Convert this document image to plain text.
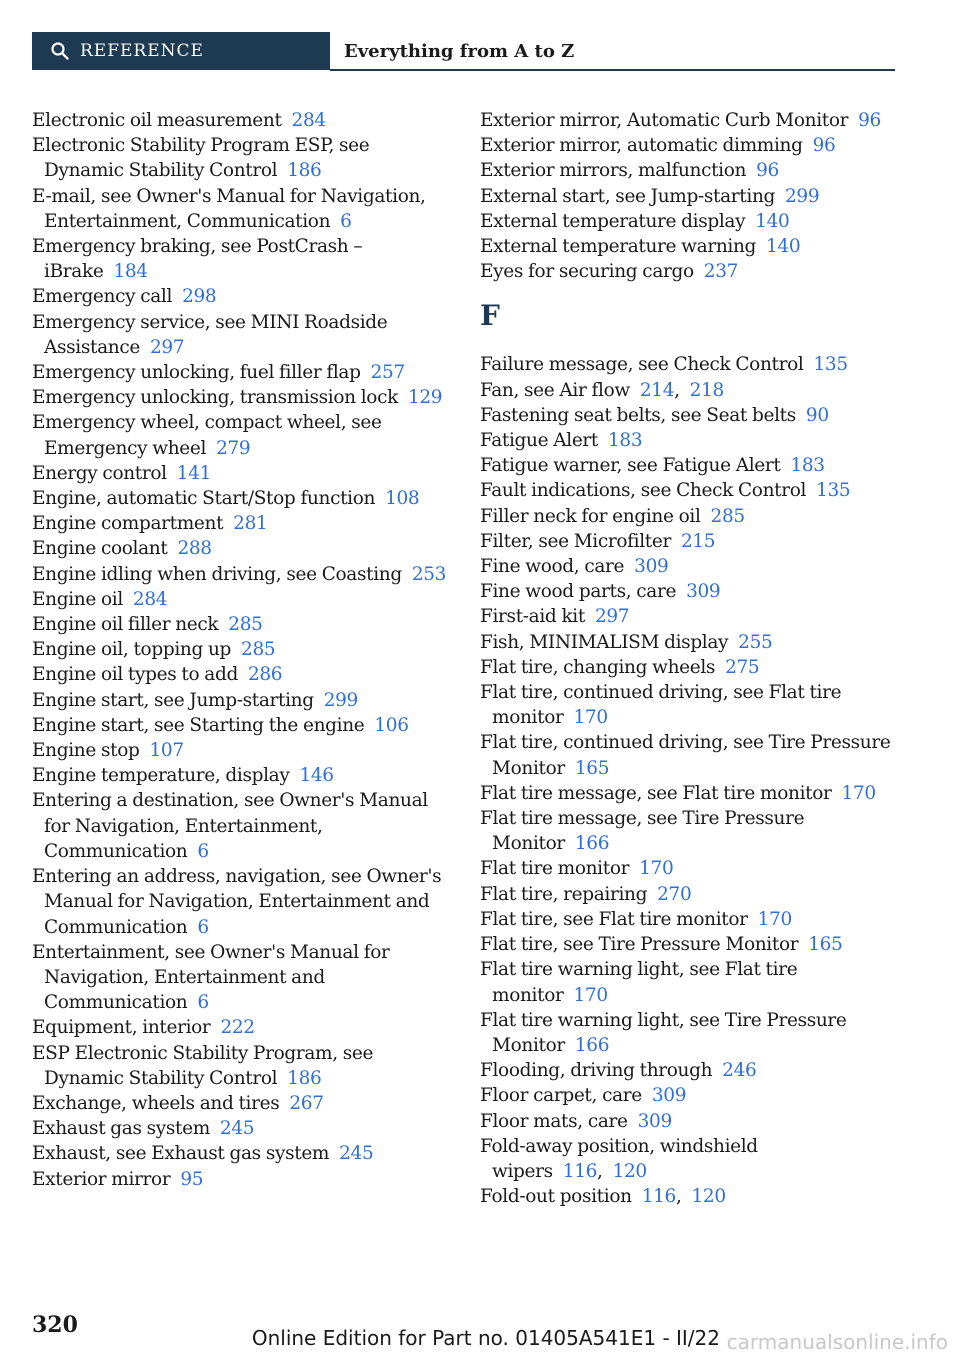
REFERENCE	Everything from A to Z
Electronic oil measurement 284
Electronic Stability Program ESP, see Dynamic Stability Control 186
E-mail, see Owner's Manual for Navigation, Entertainment, Communication 6
Emergency braking, see PostCrash – iBrake 184
Emergency call 298
Emergency service, see MINI Roadside Assistance 297
Emergency unlocking, fuel filler flap 257
Emergency unlocking, transmission lock 129
Emergency wheel, compact wheel, see Emergency wheel 279
Energy control 141
Engine, automatic Start/Stop function 108
Engine compartment 281
Engine coolant 288
Engine idling when driving, see Coasting 253
Engine oil 284
Engine oil filler neck 285
Engine oil, topping up 285
Engine oil types to add 286
Engine start, see Jump-starting 299
Engine start, see Starting the engine 106
Engine stop 107
Engine temperature, display 146
Entering a destination, see Owner's Manual for Navigation, Entertainment, Communication 6
Entering an address, navigation, see Owner's Manual for Navigation, Entertainment and Communication 6
Entertainment, see Owner's Manual for Navigation, Entertainment and Communication 6
Equipment, interior 222
ESP Electronic Stability Program, see Dynamic Stability Control 186
Exchange, wheels and tires 267
Exhaust gas system 245
Exhaust, see Exhaust gas system 245
Exterior mirror 95
Exterior mirror, Automatic Curb Monitor 96
Exterior mirror, automatic dimming 96
Exterior mirrors, malfunction 96
External start, see Jump-starting 299
External temperature display 140
External temperature warning 140
Eyes for securing cargo 237
F
Failure message, see Check Control 135
Fan, see Air flow 214, 218
Fastening seat belts, see Seat belts 90
Fatigue Alert 183
Fatigue warner, see Fatigue Alert 183
Fault indications, see Check Control 135
Filler neck for engine oil 285
Filter, see Microfilter 215
Fine wood, care 309
Fine wood parts, care 309
First-aid kit 297
Fish, MINIMALISM display 255
Flat tire, changing wheels 275
Flat tire, continued driving, see Flat tire monitor 170
Flat tire, continued driving, see Tire Pressure Monitor 165
Flat tire message, see Flat tire monitor 170
Flat tire message, see Tire Pressure Monitor 166
Flat tire monitor 170
Flat tire, repairing 270
Flat tire, see Flat tire monitor 170
Flat tire, see Tire Pressure Monitor 165
Flat tire warning light, see Flat tire monitor 170
Flat tire warning light, see Tire Pressure Monitor 166
Flooding, driving through 246
Floor carpet, care 309
Floor mats, care 309
Fold-away position, windshield wipers 116, 120
Fold-out position 116, 120
320	Online Edition for Part no. 01405A541E1 - II/22 carmanualsonline.info
